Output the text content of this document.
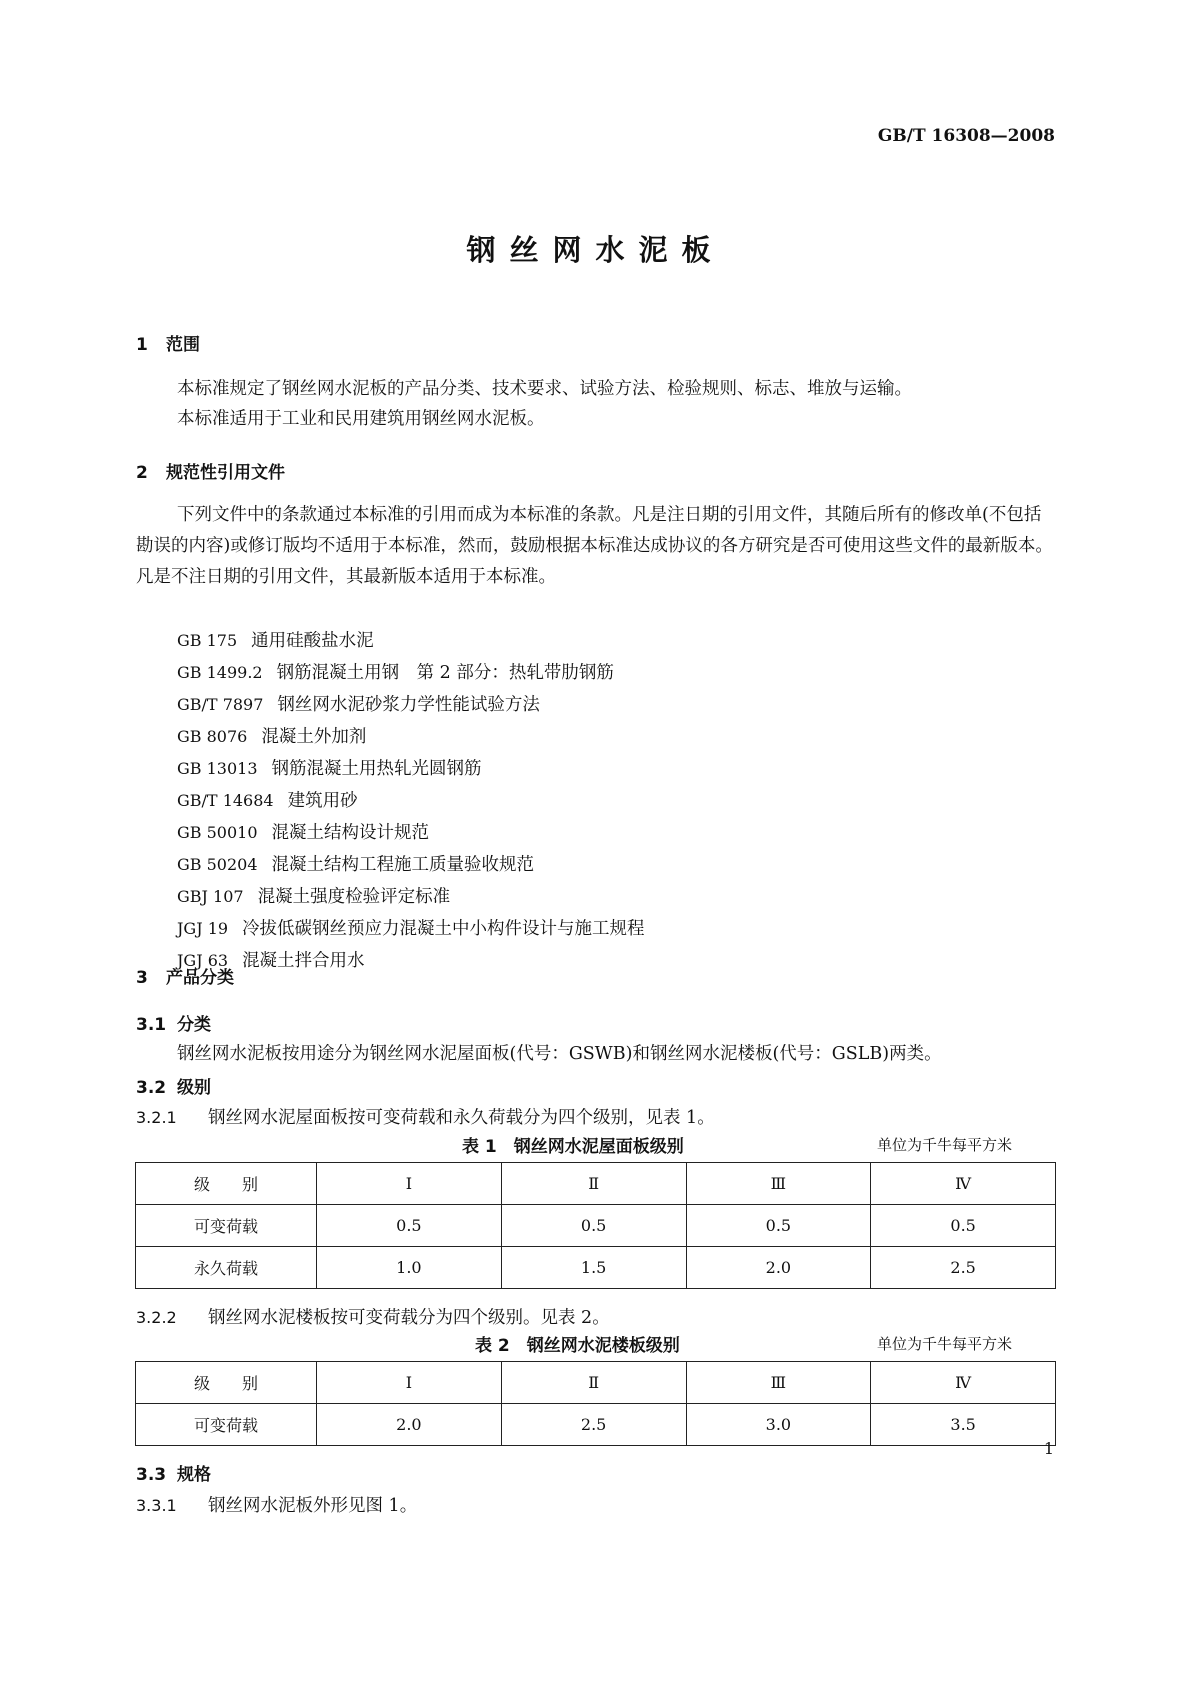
GB/T 16308—2008
钢丝网水泥板
1 范围
本标准规定了钢丝网水泥板的产品分类、技术要求、试验方法、检验规则、标志、堆放与运输。
本标准适用于工业和民用建筑用钢丝网水泥板。
2 规范性引用文件
下列文件中的条款通过本标准的引用而成为本标准的条款。凡是注日期的引用文件，其随后所有的修改单(不包括勘误的内容)或修订版均不适用于本标准，然而，鼓励根据本标准达成协议的各方研究是否可使用这些文件的最新版本。凡是不注日期的引用文件，其最新版本适用于本标准。
GB 175 通用硅酸盐水泥
GB 1499.2 钢筋混凝土用钢　第 2 部分：热轧带肋钢筋
GB/T 7897 钢丝网水泥砂浆力学性能试验方法
GB 8076 混凝土外加剂
GB 13013 钢筋混凝土用热轧光圆钢筋
GB/T 14684 建筑用砂
GB 50010 混凝土结构设计规范
GB 50204 混凝土结构工程施工质量验收规范
GBJ 107 混凝土强度检验评定标准
JGJ 19 冷拔低碳钢丝预应力混凝土中小构件设计与施工规程
JGJ 63 混凝土拌合用水
3 产品分类
3.1 分类
钢丝网水泥板按用途分为钢丝网水泥屋面板(代号：GSWB)和钢丝网水泥楼板(代号：GSLB)两类。
3.2 级别
3.2.1 钢丝网水泥屋面板按可变荷载和永久荷载分为四个级别，见表 1。
表 1　钢丝网水泥屋面板级别	单位为千牛每平方米
级　　别	Ⅰ	Ⅱ	Ⅲ	Ⅳ
可变荷载	0.5	0.5	0.5	0.5
永久荷载	1.0	1.5	2.0	2.5
3.2.2 钢丝网水泥楼板按可变荷载分为四个级别。见表 2。
表 2　钢丝网水泥楼板级别	单位为千牛每平方米
级　　别	Ⅰ	Ⅱ	Ⅲ	Ⅳ
可变荷载	2.0	2.5	3.0	3.5
3.3 规格
3.3.1 钢丝网水泥板外形见图 1。
1
